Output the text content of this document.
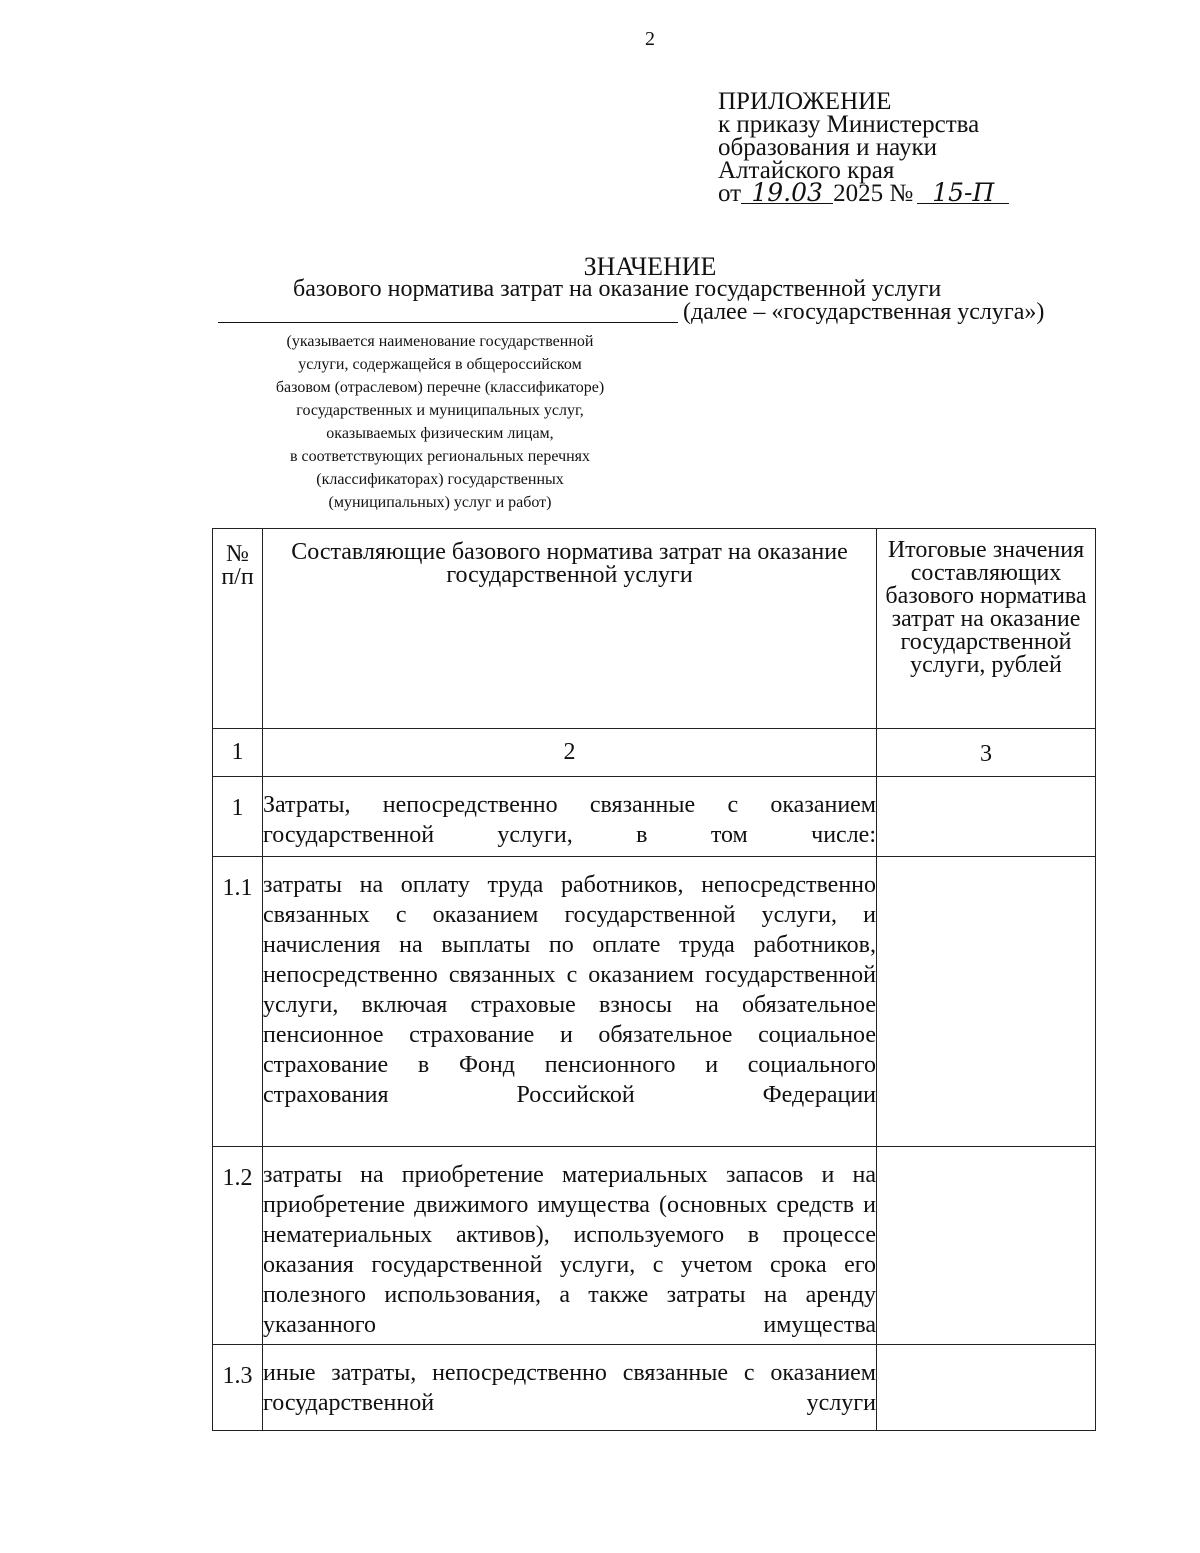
2
ПРИЛОЖЕНИЕ
к приказу Министерства
образования и науки
Алтайского края
от 19.03 2025 № 15-П
ЗНАЧЕНИЕ
базового норматива затрат на оказание государственной услуги
(далее – «государственная услуга»)
(указывается наименование государственной
услуги, содержащейся в общероссийском
базовом (отраслевом) перечне (классификаторе)
государственных и муниципальных услуг,
оказываемых физическим лицам,
в соответствующих региональных перечнях
(классификаторах) государственных
(муниципальных) услуг и работ)
№ п/п	Составляющие базового норматива затрат на оказание государственной услуги	Итоговые значения составляющих базового норматива затрат на оказание государственной услуги, рублей
1	2	3
1	Затраты, непосредственно связанные с оказанием государственной услуги, в том числе:	
1.1	затраты на оплату труда работников, непосредственно связанных с оказанием государственной услуги, и начисления на выплаты по оплате труда работников, непосредственно связанных с оказанием государственной услуги, включая страховые взносы на обязательное пенсионное страхование и обязательное социальное страхование в Фонд пенсионного и социального страхования Российской Федерации	
1.2	затраты на приобретение материальных запасов и на приобретение движимого имущества (основных средств и нематериальных активов), используемого в процессе оказания государственной услуги, с учетом срока его полезного использования, а также затраты на аренду указанного имущества	
1.3	иные затраты, непосредственно связанные с оказанием государственной услуги	
